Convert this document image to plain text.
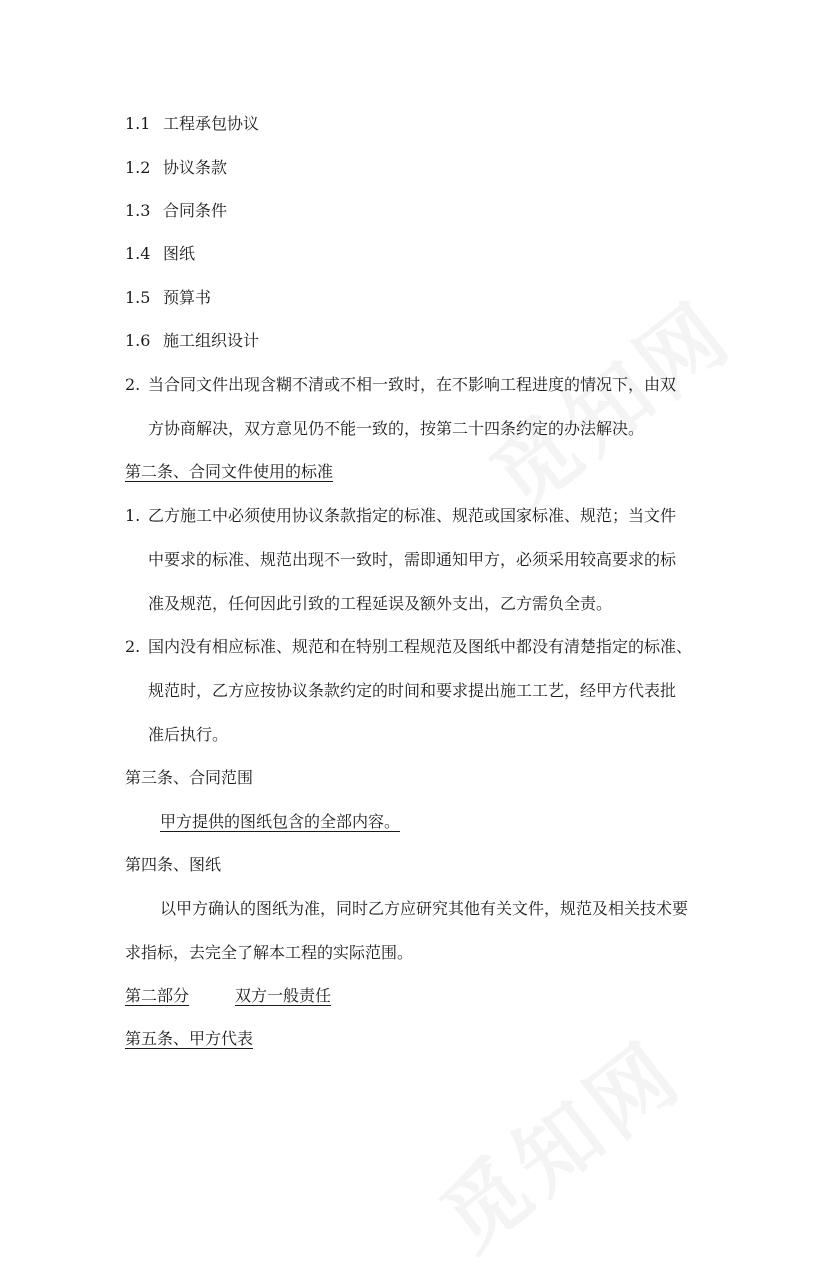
1.1 工程承包协议
1.2 协议条款
1.3 合同条件
1.4 图纸
1.5 预算书
1.6 施工组织设计
2. 当合同文件出现含糊不清或不相一致时，在不影响工程进度的情况下，由双
方协商解决，双方意见仍不能一致的，按第二十四条约定的办法解决。
第二条、合同文件使用的标准
1. 乙方施工中必须使用协议条款指定的标准、规范或国家标准、规范；当文件
中要求的标准、规范出现不一致时，需即通知甲方，必须采用较高要求的标
准及规范，任何因此引致的工程延误及额外支出，乙方需负全责。
2. 国内没有相应标准、规范和在特别工程规范及图纸中都没有清楚指定的标准、
规范时，乙方应按协议条款约定的时间和要求提出施工工艺，经甲方代表批
准后执行。
第三条、合同范围
甲方提供的图纸包含的全部内容。
第四条、图纸
以甲方确认的图纸为准，同时乙方应研究其他有关文件，规范及相关技术要
求指标，去完全了解本工程的实际范围。
第二部分	双方一般责任
第五条、甲方代表
